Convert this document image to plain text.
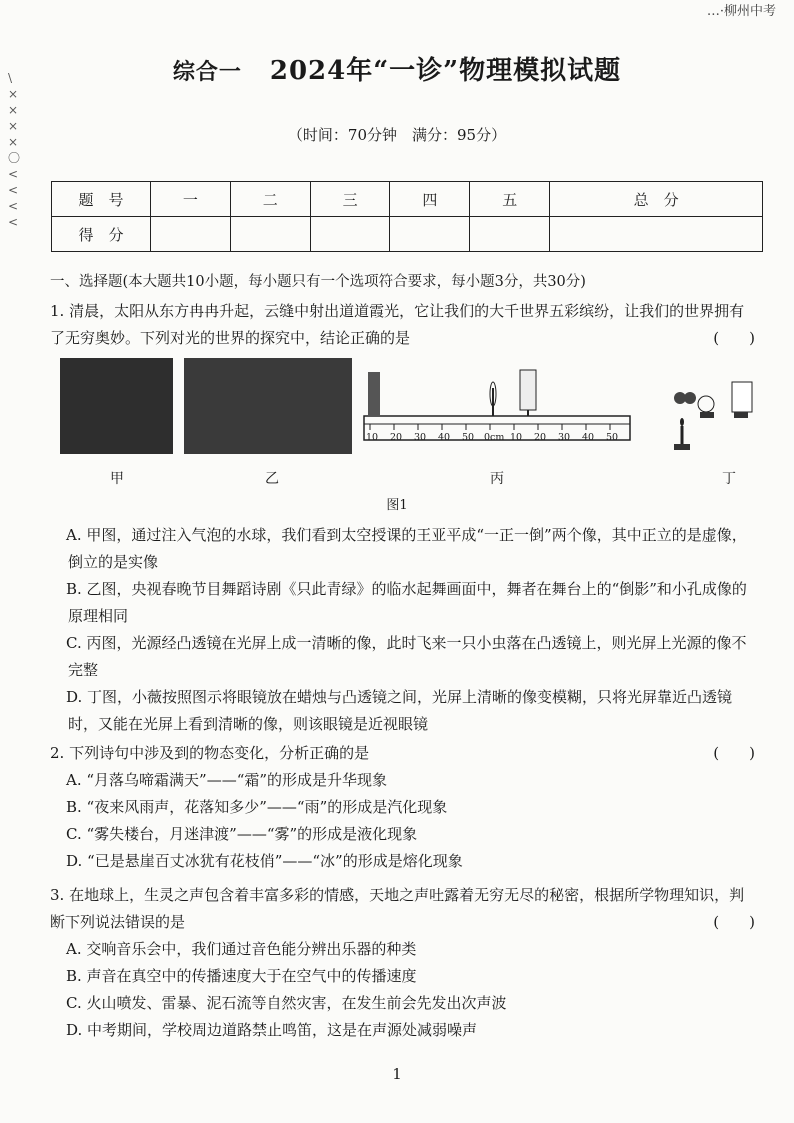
…·柳州中考
\
×
×
×
×
〇
<
<
<
<
综合一 2024年“一诊”物理模拟试题
（时间：70分钟　满分：95分）
题　号	一	二	三	四	五	总　分
得　分						
一、选择题(本大题共10小题，每小题只有一个选项符合要求，每小题3分，共30分)
1. 清晨，太阳从东方冉冉升起，云缝中射出道道霞光，它让我们的大千世界五彩缤纷，让我们的世界拥有了无穷奥妙。下列对光的世界的探究中，结论正确的是	(　　)
10 20 30 40 50 0cm 10 20 30 40 50
甲	乙	丙	丁
图1
A. 甲图，通过注入气泡的水球，我们看到太空授课的王亚平成“一正一倒”两个像，其中正立的是虚像，倒立的是实像
B. 乙图，央视春晚节目舞蹈诗剧《只此青绿》的临水起舞画面中，舞者在舞台上的“倒影”和小孔成像的原理相同
C. 丙图，光源经凸透镜在光屏上成一清晰的像，此时飞来一只小虫落在凸透镜上，则光屏上光源的像不完整
D. 丁图，小薇按照图示将眼镜放在蜡烛与凸透镜之间，光屏上清晰的像变模糊，只将光屏靠近凸透镜时，又能在光屏上看到清晰的像，则该眼镜是近视眼镜
2. 下列诗句中涉及到的物态变化，分析正确的是	(　　)
A. “月落乌啼霜满天”——“霜”的形成是升华现象
B. “夜来风雨声，花落知多少”——“雨”的形成是汽化现象
C. “雾失楼台，月迷津渡”——“雾”的形成是液化现象
D. “已是悬崖百丈冰犹有花枝俏”——“冰”的形成是熔化现象
3. 在地球上，生灵之声包含着丰富多彩的情感，天地之声吐露着无穷无尽的秘密，根据所学物理知识，判断下列说法错误的是	(　　)
A. 交响音乐会中，我们通过音色能分辨出乐器的种类
B. 声音在真空中的传播速度大于在空气中的传播速度
C. 火山喷发、雷暴、泥石流等自然灾害，在发生前会先发出次声波
D. 中考期间，学校周边道路禁止鸣笛，这是在声源处减弱噪声
1
